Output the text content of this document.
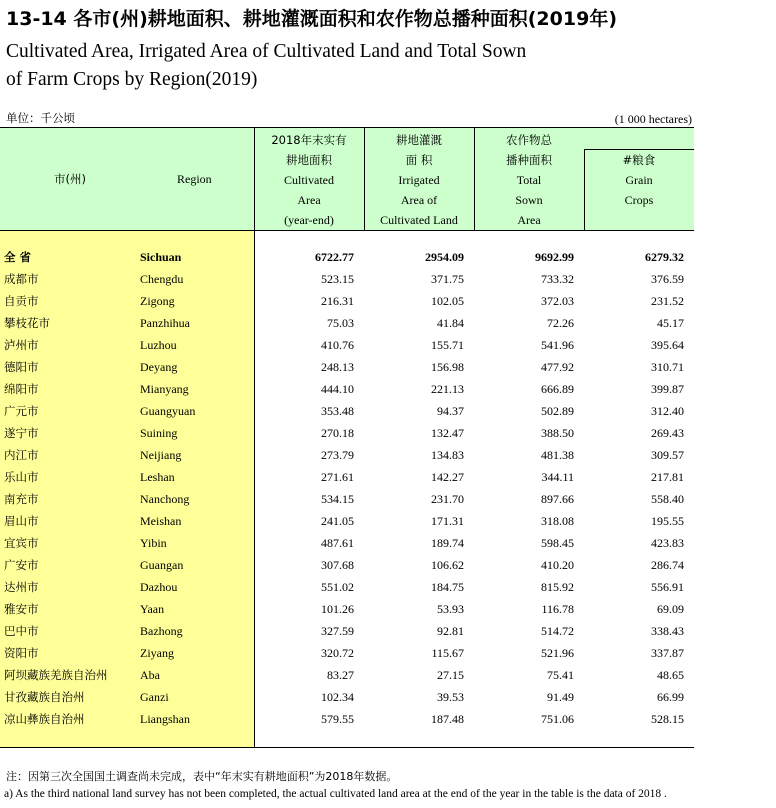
13-14 各市(州)耕地面积、耕地灌溉面积和农作物总播种面积(2019年)
Cultivated Area, Irrigated Area of Cultivated Land and Total Sown
of Farm Crops by Region(2019)
单位：千公顷	(1 000 hectares)
市(州)	Region
2018年末实有
耕地面积
Cultivated
Area
(year-end)
耕地灌溉
面 积
Irrigated
Area of
Cultivated Land
农作物总
播种面积
Total
Sown
Area
#粮食
Grain
Crops
全 省	Sichuan	6722.77	2954.09	9692.99	6279.32
成都市	Chengdu	523.15	371.75	733.32	376.59
自贡市	Zigong	216.31	102.05	372.03	231.52
攀枝花市	Panzhihua	75.03	41.84	72.26	45.17
泸州市	Luzhou	410.76	155.71	541.96	395.64
德阳市	Deyang	248.13	156.98	477.92	310.71
绵阳市	Mianyang	444.10	221.13	666.89	399.87
广元市	Guangyuan	353.48	94.37	502.89	312.40
遂宁市	Suining	270.18	132.47	388.50	269.43
内江市	Neijiang	273.79	134.83	481.38	309.57
乐山市	Leshan	271.61	142.27	344.11	217.81
南充市	Nanchong	534.15	231.70	897.66	558.40
眉山市	Meishan	241.05	171.31	318.08	195.55
宜宾市	Yibin	487.61	189.74	598.45	423.83
广安市	Guangan	307.68	106.62	410.20	286.74
达州市	Dazhou	551.02	184.75	815.92	556.91
雅安市	Yaan	101.26	53.93	116.78	69.09
巴中市	Bazhong	327.59	92.81	514.72	338.43
资阳市	Ziyang	320.72	115.67	521.96	337.87
阿坝藏族羌族自治州	Aba	83.27	27.15	75.41	48.65
甘孜藏族自治州	Ganzi	102.34	39.53	91.49	66.99
凉山彝族自治州	Liangshan	579.55	187.48	751.06	528.15
注：因第三次全国国土调查尚未完成，表中“年末实有耕地面积”为2018年数据。
a) As the third national land survey has not been completed, the actual cultivated land area at the end of the year in the table is the data of 2018 .
